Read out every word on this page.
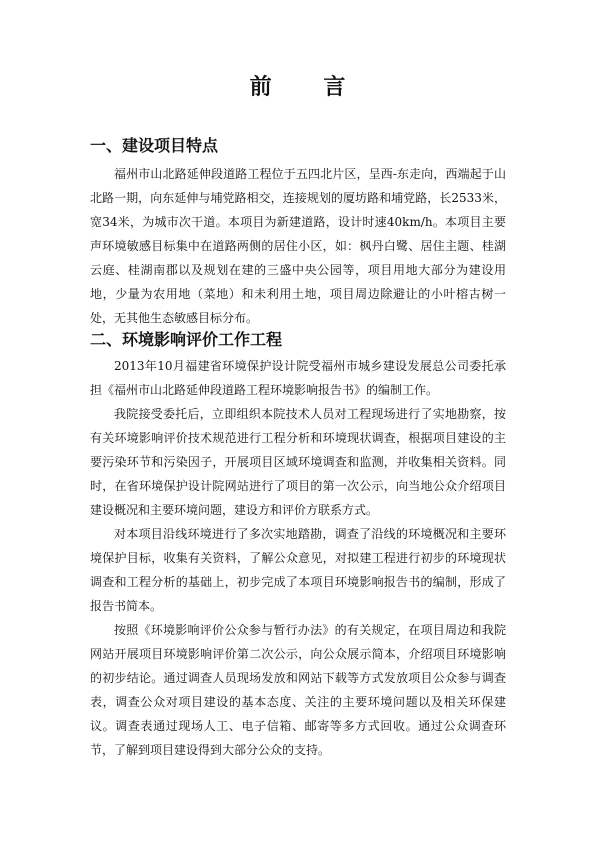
前 言
一、建设项目特点

福州市山北路延伸段道路工程位于五四北片区，呈西-东走向，西端起于山北路一期，向东延伸与埔党路相交，连接规划的厦坊路和埔党路，长2533米，宽34米，为城市次干道。本项目为新建道路，设计时速40km/h。本项目主要声环境敏感目标集中在道路两侧的居住小区，如：枫丹白鹭、居住主题、桂湖云庭、桂湖南郡以及规划在建的三盛中央公园等，项目用地大部分为建设用地，少量为农用地（菜地）和未利用土地，项目周边除避让的小叶榕古树一处，无其他生态敏感目标分布。

二、环境影响评价工作工程

2013年10月福建省环境保护设计院受福州市城乡建设发展总公司委托承担《福州市山北路延伸段道路工程环境影响报告书》的编制工作。

我院接受委托后，立即组织本院技术人员对工程现场进行了实地勘察，按有关环境影响评价技术规范进行工程分析和环境现状调查，根据项目建设的主要污染环节和污染因子，开展项目区域环境调查和监测，并收集相关资料。同时，在省环境保护设计院网站进行了项目的第一次公示，向当地公众介绍项目建设概况和主要环境问题，建设方和评价方联系方式。

对本项目沿线环境进行了多次实地踏勘，调查了沿线的环境概况和主要环境保护目标，收集有关资料，了解公众意见，对拟建工程进行初步的环境现状调查和工程分析的基础上，初步完成了本项目环境影响报告书的编制，形成了报告书简本。

按照《环境影响评价公众参与暂行办法》的有关规定，在项目周边和我院网站开展项目环境影响评价第二次公示，向公众展示简本，介绍项目环境影响的初步结论。通过调查人员现场发放和网站下载等方式发放项目公众参与调查表，调查公众对项目建设的基本态度、关注的主要环境问题以及相关环保建议。调查表通过现场人工、电子信箱、邮寄等多方式回收。通过公众调查环节，了解到项目建设得到大部分公众的支持。
